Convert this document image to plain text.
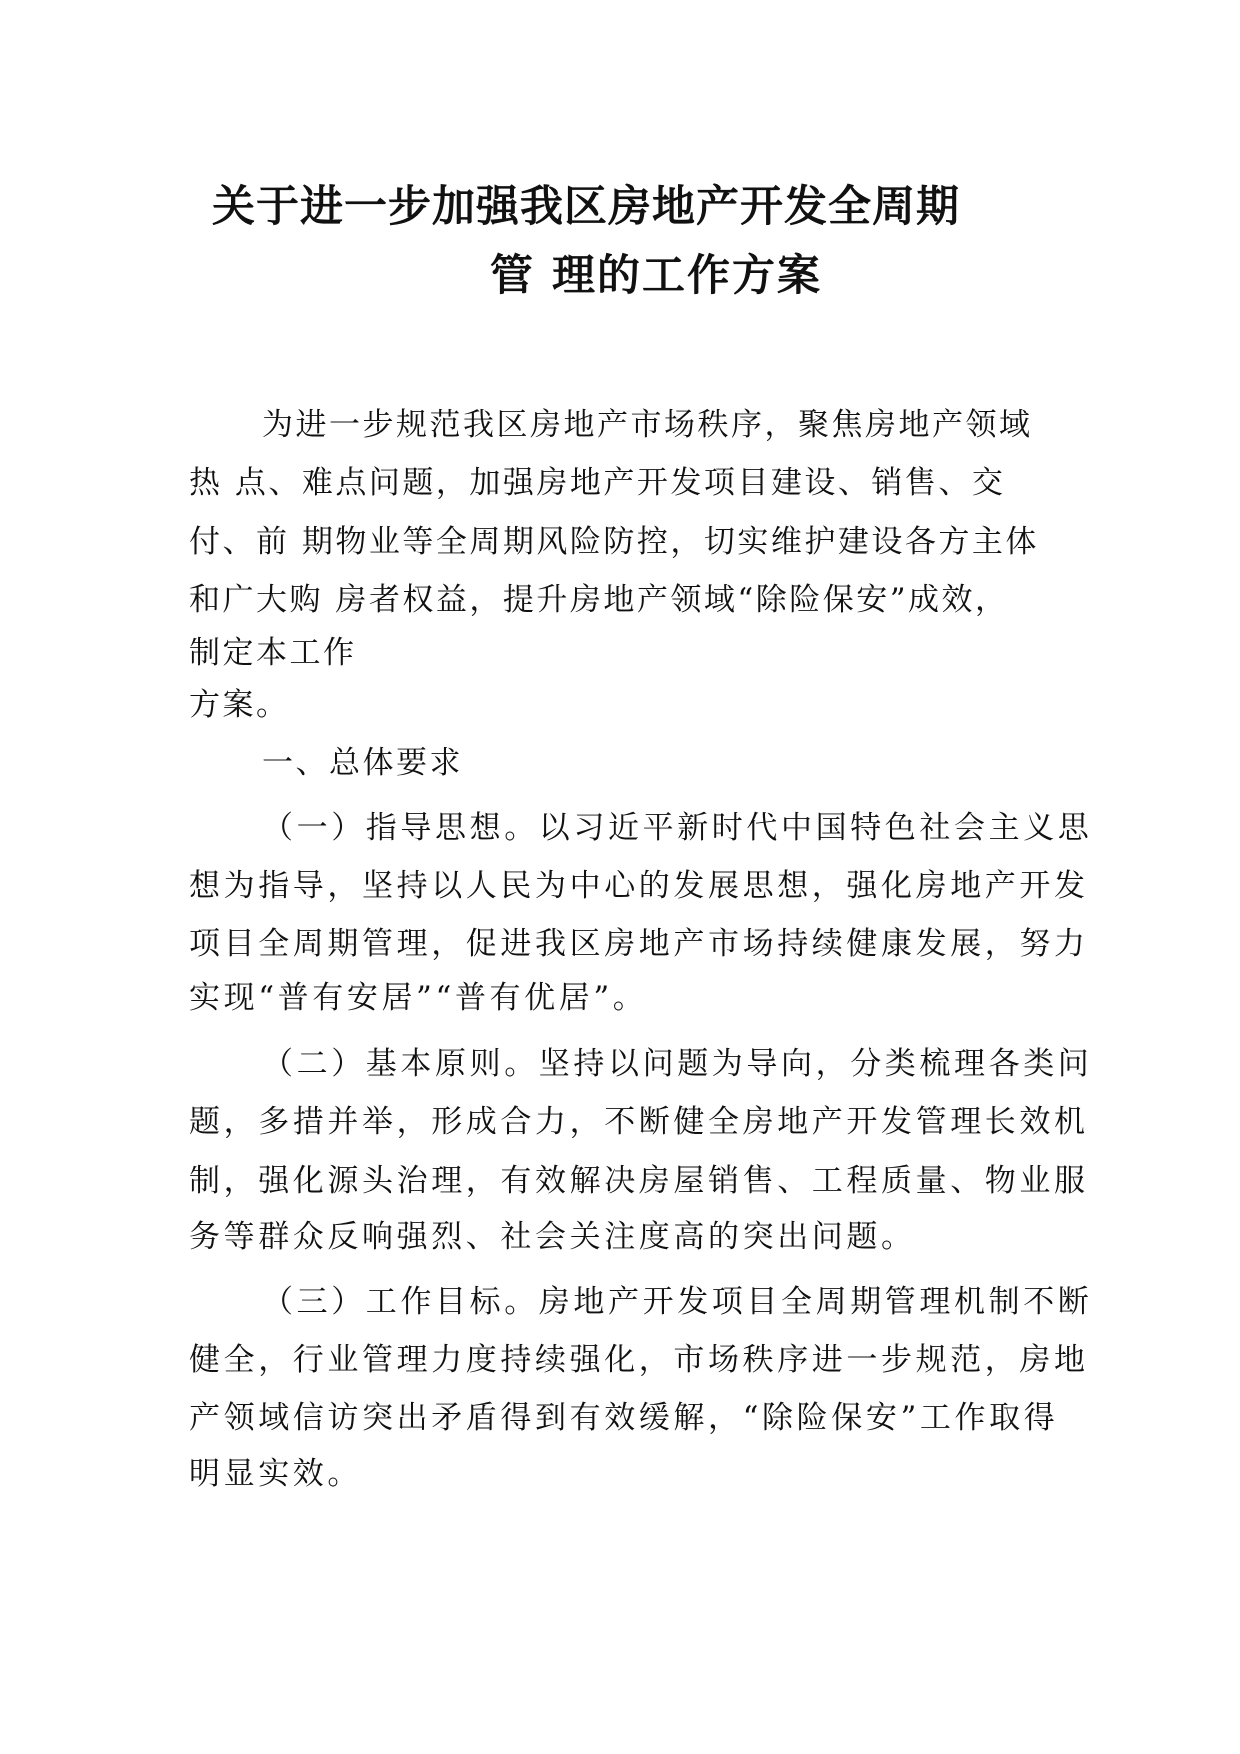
关于进一步加强我区房地产开发全周期
管 理的工作方案
为进一步规范我区房地产市场秩序，聚焦房地产领域
热 点、难点问题，加强房地产开发项目建设、销售、交
付、前 期物业等全周期风险防控，切实维护建设各方主体
和广大购 房者权益，提升房地产领域“除险保安”成效，
制定本工作
方案。
一、总体要求
（一）指导思想。以习近平新时代中国特色社会主义思
想为指导，坚持以人民为中心的发展思想，强化房地产开发
项目全周期管理，促进我区房地产市场持续健康发展，努力
实现“普有安居”“普有优居”。
（二）基本原则。坚持以问题为导向，分类梳理各类问
题，多措并举，形成合力，不断健全房地产开发管理长效机
制，强化源头治理，有效解决房屋销售、工程质量、物业服
务等群众反响强烈、社会关注度高的突出问题。
（三）工作目标。房地产开发项目全周期管理机制不断
健全，行业管理力度持续强化，市场秩序进一步规范，房地
产领域信访突出矛盾得到有效缓解，“除险保安”工作取得
明显实效。
